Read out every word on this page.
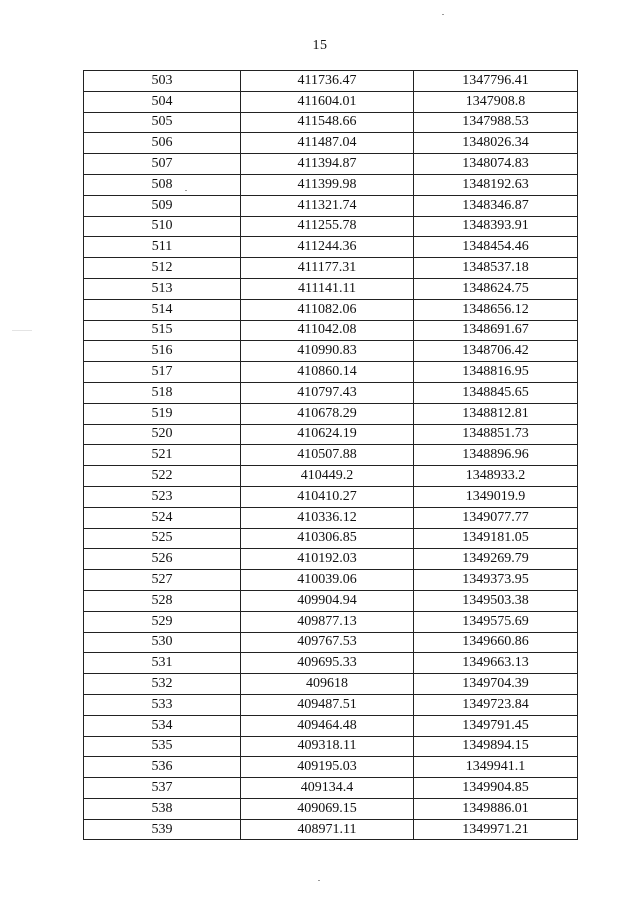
15
503	411736.47	1347796.41
504	411604.01	1347908.8
505	411548.66	1347988.53
506	411487.04	1348026.34
507	411394.87	1348074.83
508	411399.98	1348192.63
509	411321.74	1348346.87
510	411255.78	1348393.91
511	411244.36	1348454.46
512	411177.31	1348537.18
513	411141.11	1348624.75
514	411082.06	1348656.12
515	411042.08	1348691.67
516	410990.83	1348706.42
517	410860.14	1348816.95
518	410797.43	1348845.65
519	410678.29	1348812.81
520	410624.19	1348851.73
521	410507.88	1348896.96
522	410449.2	1348933.2
523	410410.27	1349019.9
524	410336.12	1349077.77
525	410306.85	1349181.05
526	410192.03	1349269.79
527	410039.06	1349373.95
528	409904.94	1349503.38
529	409877.13	1349575.69
530	409767.53	1349660.86
531	409695.33	1349663.13
532	409618	1349704.39
533	409487.51	1349723.84
534	409464.48	1349791.45
535	409318.11	1349894.15
536	409195.03	1349941.1
537	409134.4	1349904.85
538	409069.15	1349886.01
539	408971.11	1349971.21
